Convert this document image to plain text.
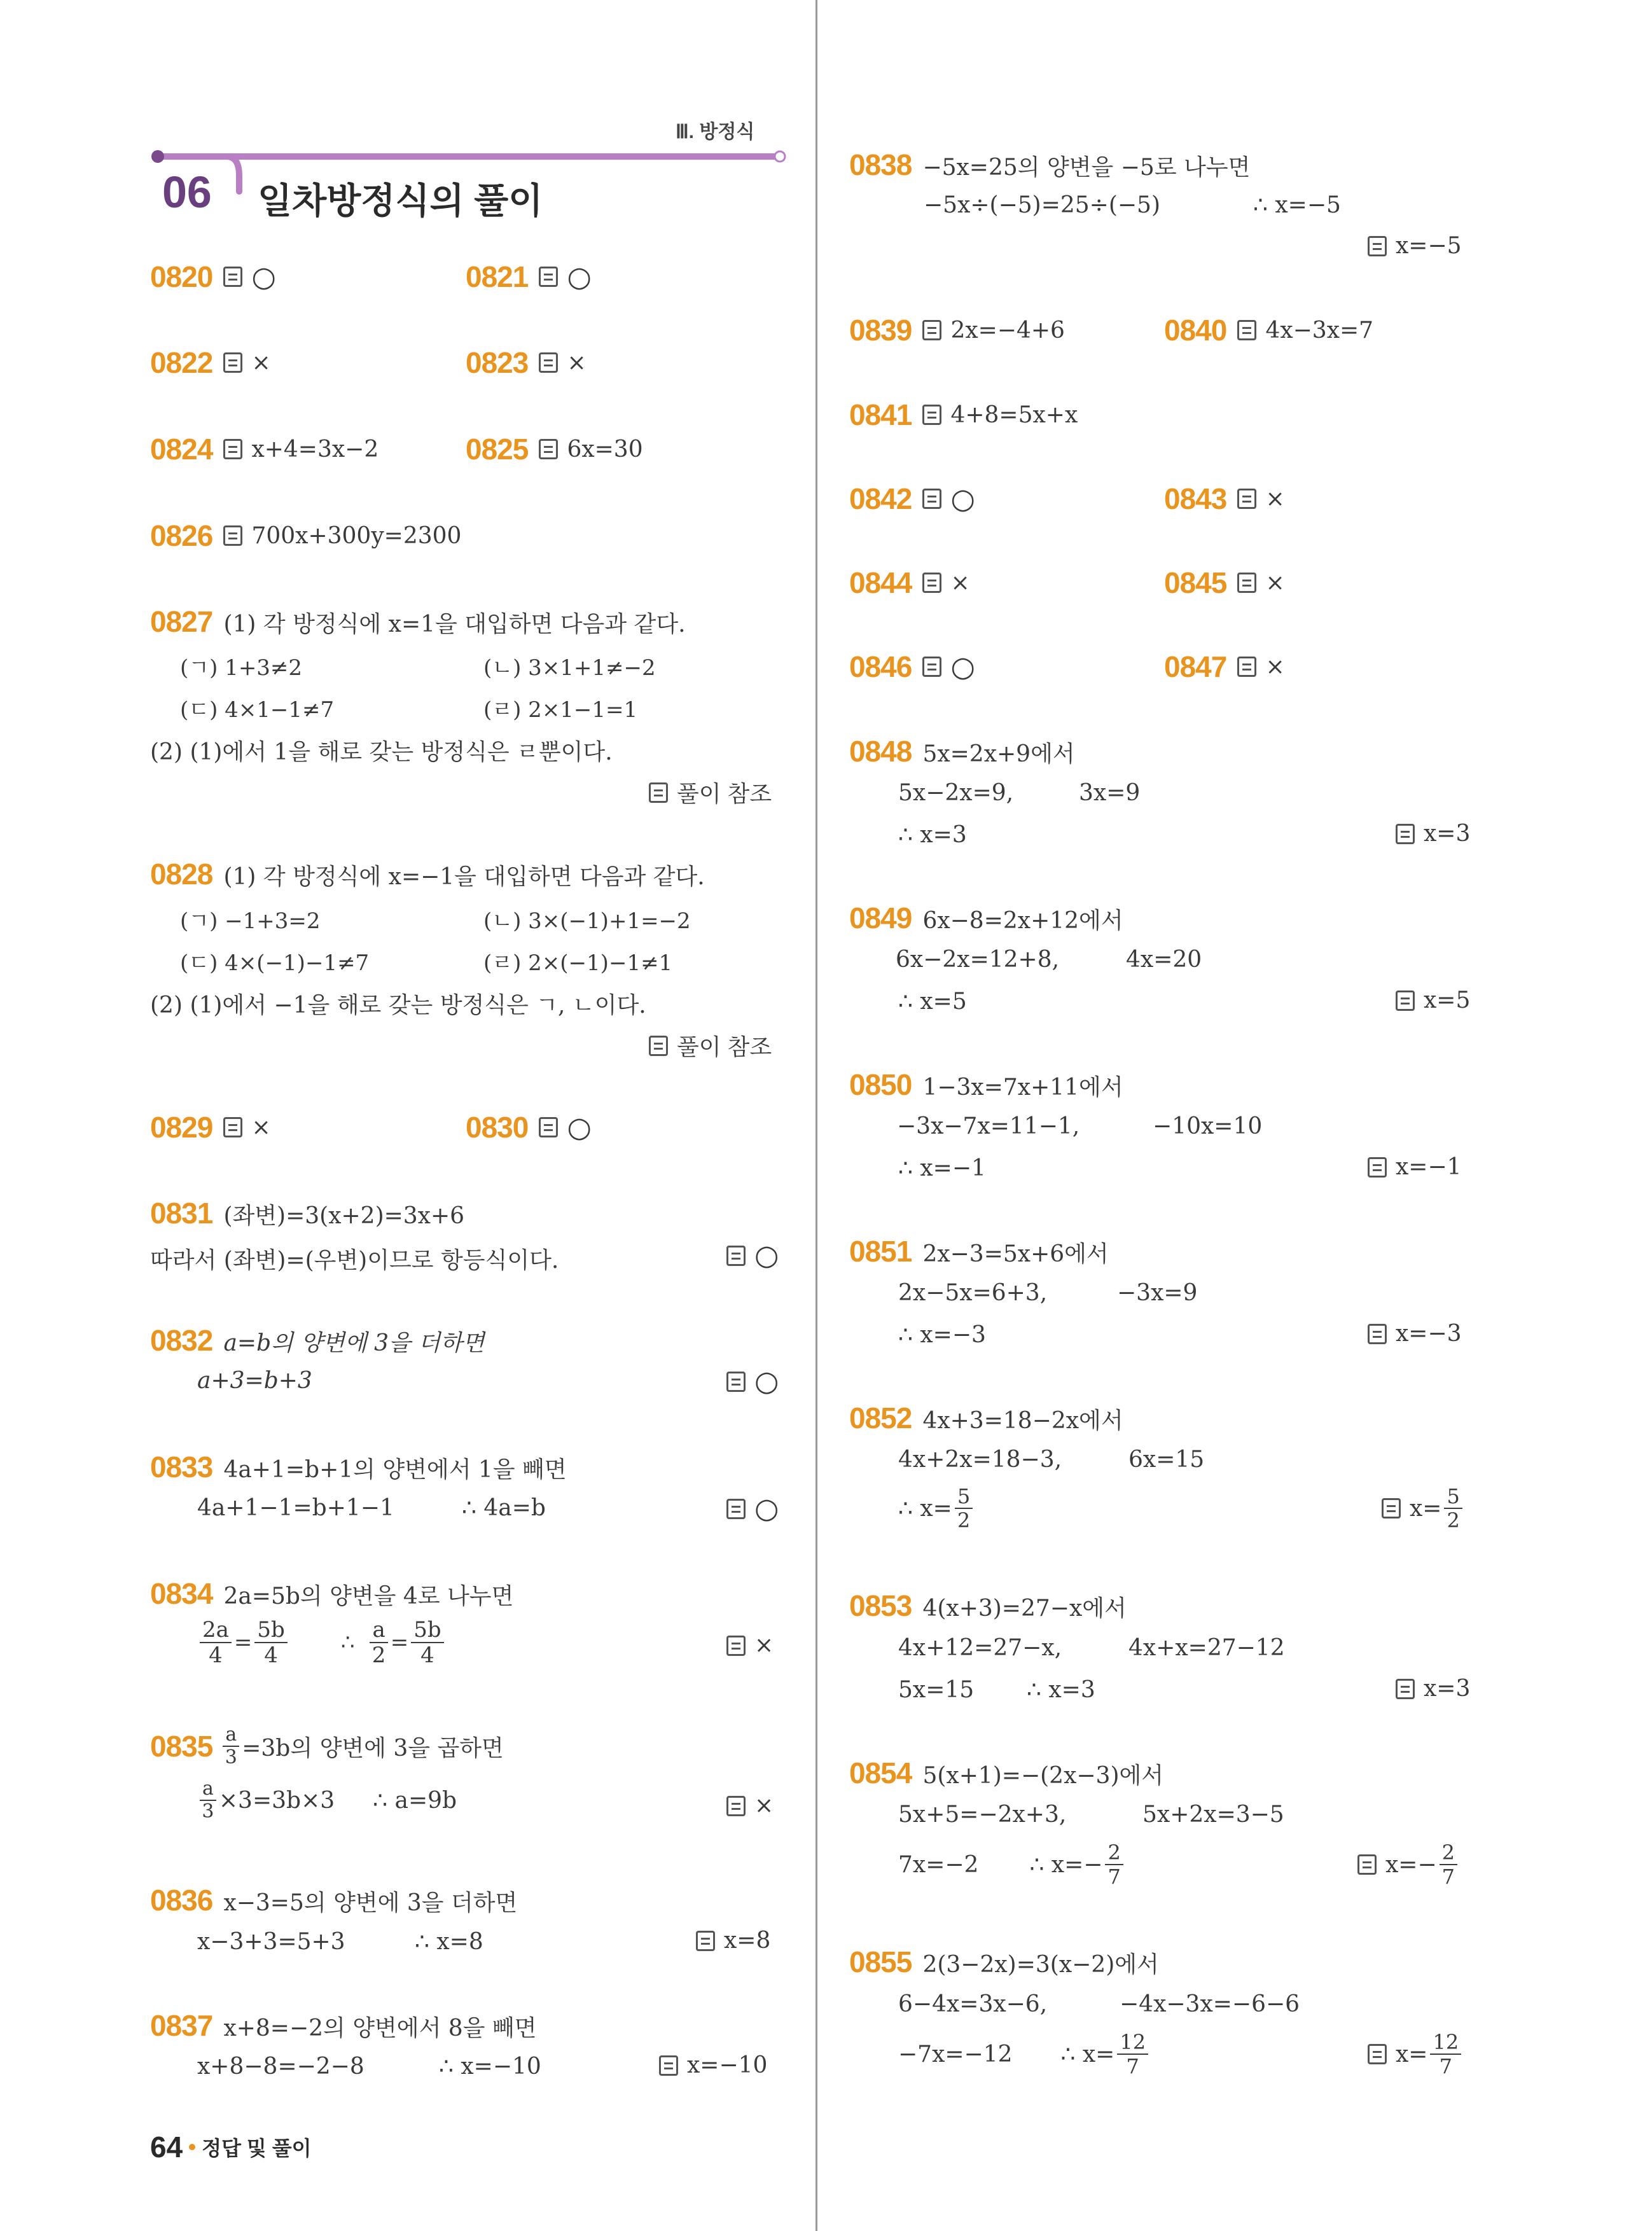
Ⅲ. 방정식
06 일차방정식의 풀이
0820 ○	0821 ○
0822 ×	0823 ×
0824 x+4=3x−2	0825 6x=30
0826 700x+300y=2300
0827 (1) 각 방정식에 x=1을 대입하면 다음과 같다.
(ㄱ) 1+3≠2	(ㄴ) 3×1+1≠−2
(ㄷ) 4×1−1≠7	(ㄹ) 2×1−1=1
(2) (1)에서 1을 해로 갖는 방정식은 ㄹ뿐이다.
풀이 참조
0828 (1) 각 방정식에 x=−1을 대입하면 다음과 같다.
(ㄱ) −1+3=2	(ㄴ) 3×(−1)+1=−2
(ㄷ) 4×(−1)−1≠7	(ㄹ) 2×(−1)−1≠1
(2) (1)에서 −1을 해로 갖는 방정식은 ㄱ, ㄴ이다.
풀이 참조
0829 ×	0830 ○
0831 (좌변)=3(x+2)=3x+6
따라서 (좌변)=(우변)이므로 항등식이다.	○
0832 a=b의 양변에 3을 더하면
a+3=b+3	○
0833 4a+1=b+1의 양변에서 1을 빼면
4a+1−1=b+1−1	∴ 4a=b	○
0834 2a=5b의 양변을 4로 나누면
$\frac{2a}{4} = \frac{5b}{4}$ ∴ $\frac{a}{2} = \frac{5b}{4}$	×
$0835 \frac{a}{3} =3b$의 양변에 3을 곱하면
$\frac{a}{3} \times 3=3b\times 3$ ∴ a=9b	×
0836 x−3=5의 양변에 3을 더하면
x−3+3=5+3	∴ x=8	x=8
0837 x+8=−2의 양변에서 8을 빼면
x+8−8=−2−8	∴ x=−10	x=−10
64 정답 및 풀이
0838 −5x=25의 양변을 −5로 나누면
−5x÷(−5)=25÷(−5)	∴ x=−5
x=−5
0839 2x=−4+6	0840 4x−3x=7
0841 4+8=5x+x
0842 ○	0843 ×
0844 ×	0845 ×
0846 ○	0847 ×
0848 5x=2x+9에서
5x−2x=9,	3x=9
∴ x=3	x=3
0849 6x−8=2x+12에서
6x−2x=12+8,	4x=20
∴ x=5	x=5
0850 1−3x=7x+11에서
−3x−7x=11−1,	−10x=10
∴ x=−1	x=−1
0851 2x−3=5x+6에서
2x−5x=6+3,	−3x=9
∴ x=−3	x=−3
0852 4x+3=18−2x에서
4x+2x=18−3,	6x=15
∴ $x= \frac{5}{2}$	$x= \frac{5}{2}$
0853 4(x+3)=27−x에서
4x+12=27−x,	4x+x=27−12
5x=15 ∴ x=3	x=3
0854 5(x+1)=−(2x−3)에서
5x+5=−2x+3,	5x+2x=3−5
7x=−2 ∴ $x=- \frac{2}{7}$	$x=- \frac{2}{7}$
0855 2(3−2x)=3(x−2)에서
6−4x=3x−6,	−4x−3x=−6−6
−7x=−12 ∴ $x= \frac{12}{7}$	$x= \frac{12}{7}$
